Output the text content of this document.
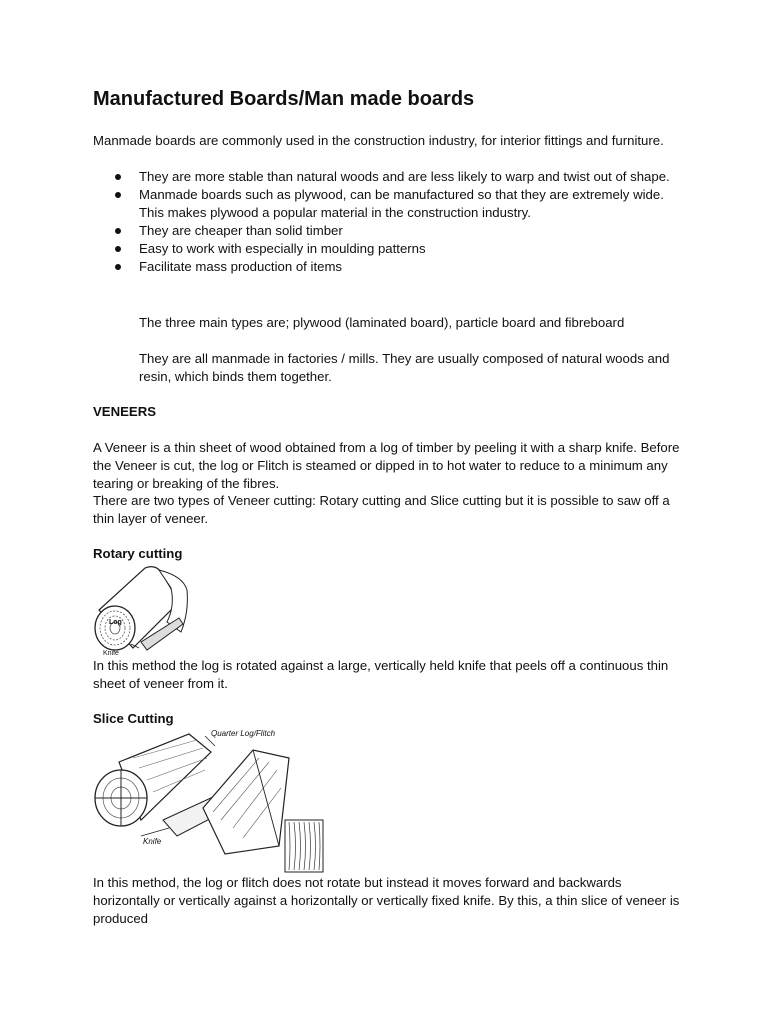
Manufactured Boards/Man made boards

Manmade boards are commonly used in the construction industry, for interior fittings and furniture.

They are more stable than natural woods and are less likely to warp and twist out of shape.
Manmade boards such as plywood, can be manufactured so that they are extremely wide. This makes plywood a popular material in the construction industry.
They are cheaper than solid timber
Easy to work with especially in moulding patterns
Facilitate mass production of items

The three main types are; plywood (laminated board), particle board and fibreboard

They are all manmade in factories / mills. They are usually composed of natural woods and resin, which binds them together.

VENEERS

A Veneer is a thin sheet of wood obtained from a log of timber by peeling it with a sharp knife. Before the Veneer is cut, the log or Flitch is steamed or dipped in to hot water to reduce to a minimum any tearing or breaking of the fibres.

There are two types of Veneer cutting: Rotary cutting and Slice cutting but it is possible to saw off a thin layer of veneer.

Rotary cutting

Log
Knife

In this method the log is rotated against a large, vertically held knife that peels off a continuous thin sheet of veneer from it.

Slice Cutting

Quarter Log/Flitch
Knife

In this method, the log or flitch does not rotate but instead it moves forward and backwards horizontally or vertically against a horizontally or vertically fixed knife. By this, a thin slice of veneer is produced
